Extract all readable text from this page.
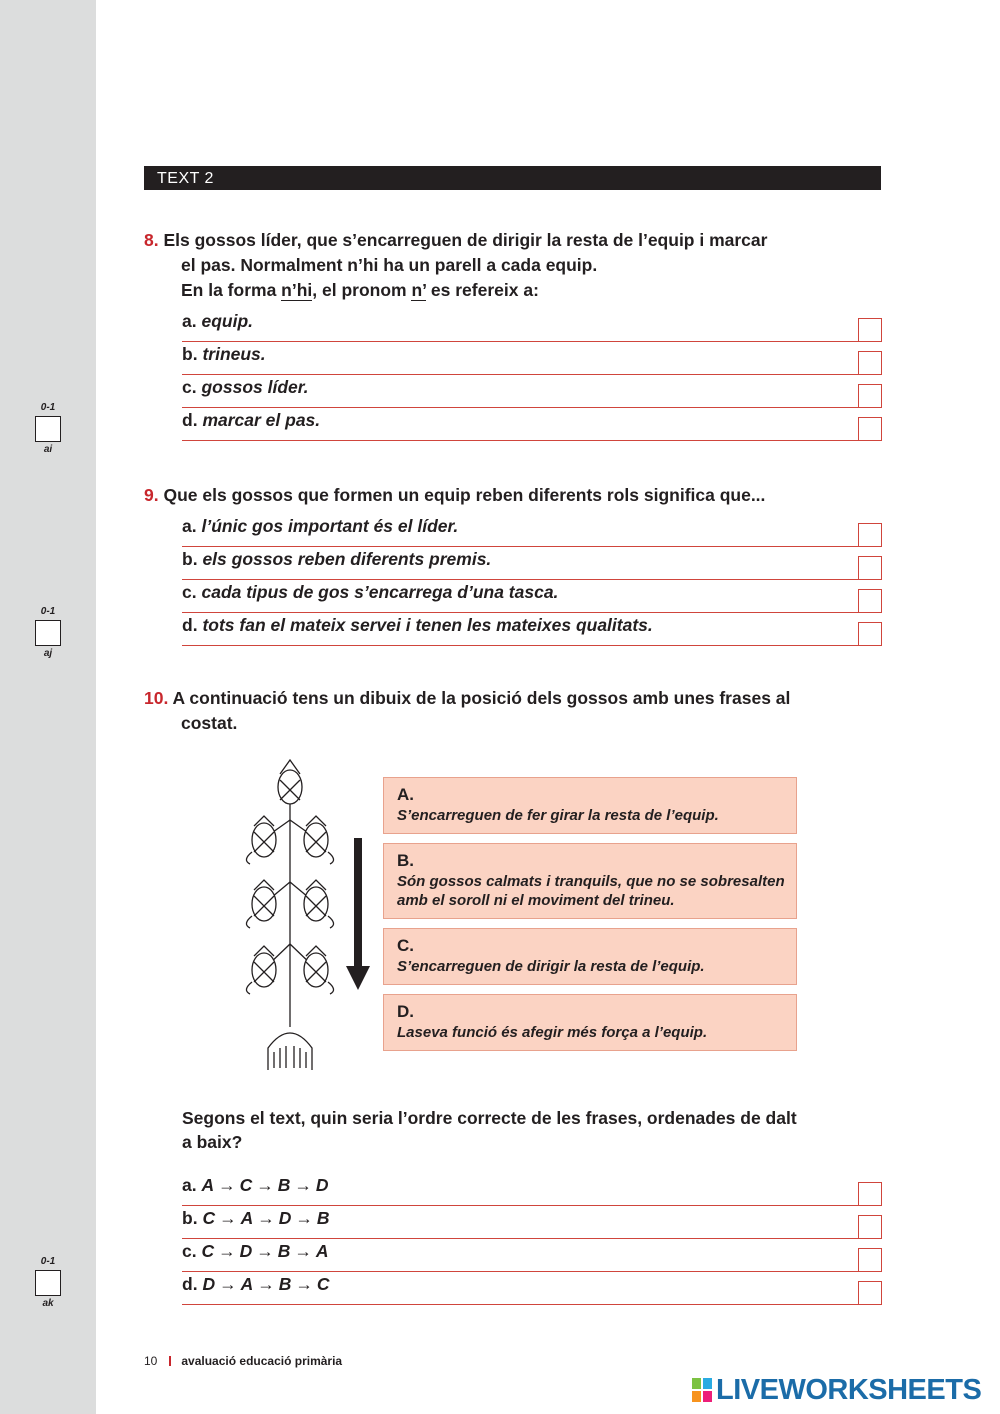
0-1
ai
0-1
aj
0-1
ak
TEXT 2
8. Els gossos líder, que s’encarreguen de dirigir la resta de l’equip i marcar
el pas. Normalment n’hi ha un parell a cada equip.
En la forma n’hi, el pronom n’ es refereix a:
a. equip.
b. trineus.
c. gossos líder.
d. marcar el pas.
9. Que els gossos que formen un equip reben diferents rols significa que...
a. l’únic gos important és el líder.
b. els gossos reben diferents premis.
c. cada tipus de gos s’encarrega d’una tasca.
d. tots fan el mateix servei i tenen les mateixes qualitats.
10. A continuació tens un dibuix de la posició dels gossos amb unes frases al
costat.
A.
S’encarreguen de fer girar la resta de l’equip.
B.
Són gossos calmats i tranquils, que no se sobresalten
amb el soroll ni el moviment del trineu.
C.
S’encarreguen de dirigir la resta de l’equip.
D.
Laseva funció és afegir més força a l’equip.
Segons el text, quin seria l’ordre correcte de les frases, ordenades de dalt
a baix?
a. A → C → B → D
b. C → A → D → B
c. C → D → B → A
d. D → A → B → C
10 avaluació educació primària
LIVEWORKSHEETS
